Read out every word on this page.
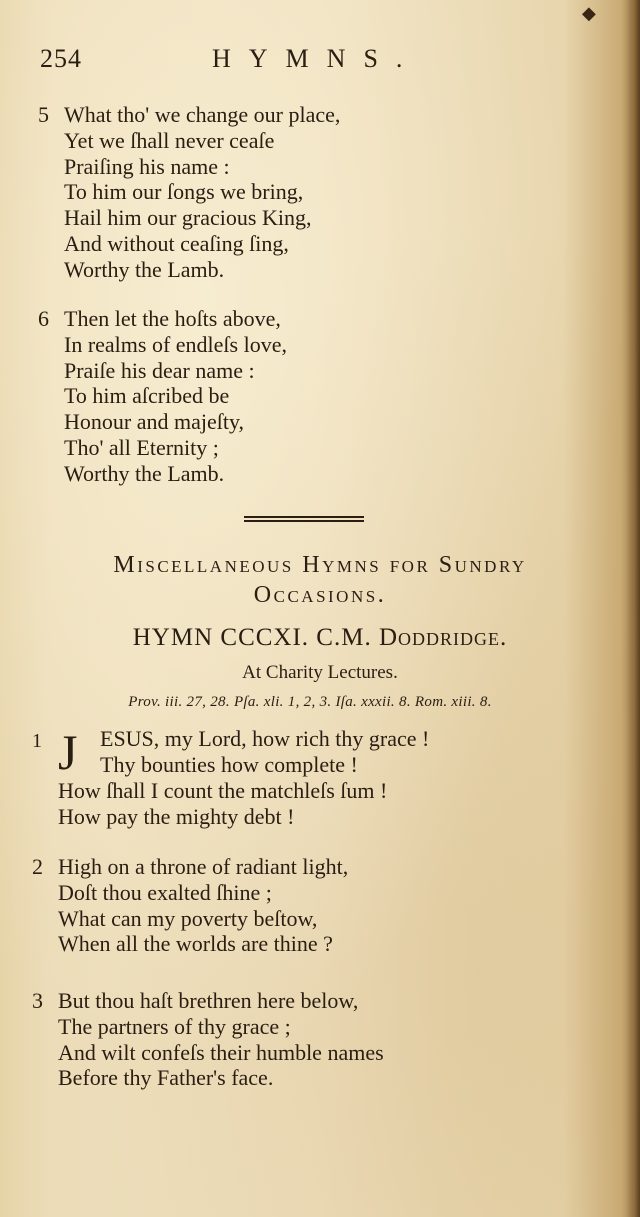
◆
254	HYMNS.
5 What tho' we change our place,
Yet we ſhall never ceaſe
Praiſing his name :
To him our ſongs we bring,
Hail him our gracious King,
And without ceaſing ſing,
Worthy the Lamb.
6 Then let the hoſts above,
In realms of endleſs love,
Praiſe his dear name :
To him aſcribed be
Honour and majeſty,
Tho' all Eternity ;
Worthy the Lamb.
Miscellaneous Hymns for Sundry
Occasions.
HYMN CCCXI. C.M. Doddridge.
At Charity Lectures.
Prov. iii. 27, 28. Pſa. xli. 1, 2, 3. Iſa. xxxii. 8. Rom. xiii. 8.
1 J ESUS, my Lord, how rich thy grace !
Thy bounties how complete !
How ſhall I count the matchleſs ſum !
How pay the mighty debt !
2 High on a throne of radiant light,
Doſt thou exalted ſhine ;
What can my poverty beſtow,
When all the worlds are thine ?
3 But thou haſt brethren here below,
The partners of thy grace ;
And wilt confeſs their humble names
Before thy Father's face.
